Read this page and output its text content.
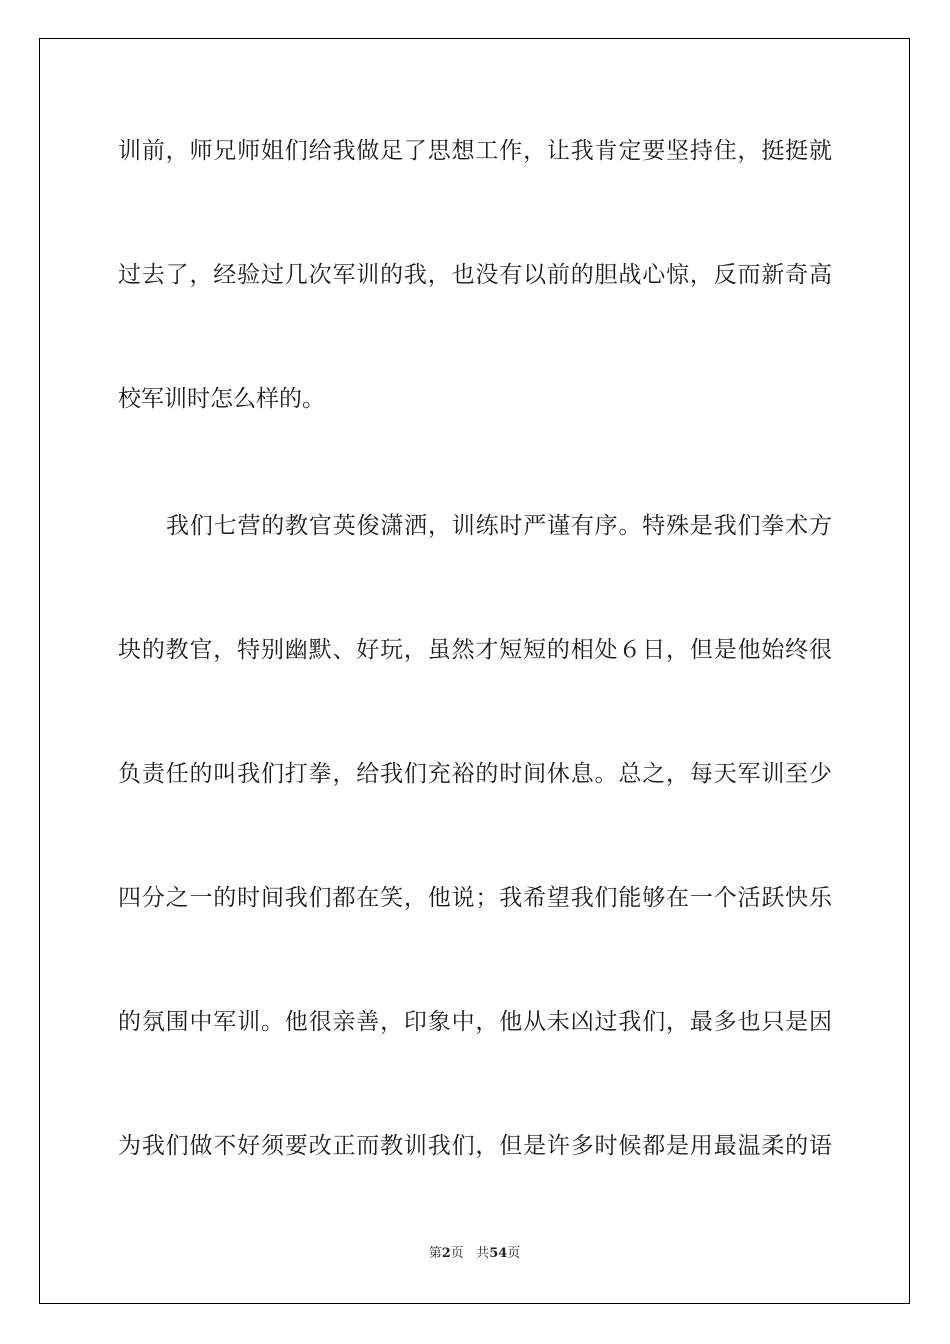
训前，师兄师姐们给我做足了思想工作，让我肯定要坚持住，挺挺就
过去了，经验过几次军训的我，也没有以前的胆战心惊，反而新奇高
校军训时怎么样的。
我们七营的教官英俊潇洒，训练时严谨有序。特殊是我们拳术方
块的教官，特别幽默、好玩，虽然才短短的相处６日，但是他始终很
负责任的叫我们打拳，给我们充裕的时间休息。总之，每天军训至少
四分之一的时间我们都在笑，他说；我希望我们能够在一个活跃快乐
的氛围中军训。他很亲善，印象中，他从未凶过我们，最多也只是因
为我们做不好须要改正而教训我们，但是许多时候都是用最温柔的语
第2页 共54页
